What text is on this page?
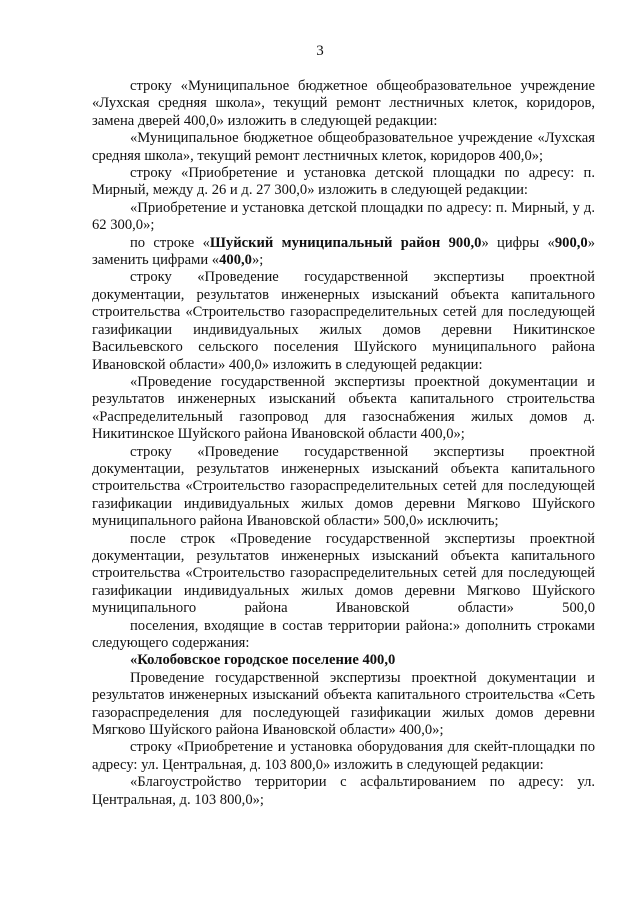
3

строку «Муниципальное бюджетное общеобразовательное учреждение «Лухская средняя школа», текущий ремонт лестничных клеток, коридоров, замена дверей 400,0» изложить в следующей редакции:

«Муниципальное бюджетное общеобразовательное учреждение «Лухская средняя школа», текущий ремонт лестничных клеток, коридоров 400,0»;

строку «Приобретение и установка детской площадки по адресу: п. Мирный, между д. 26 и д. 27 300,0» изложить в следующей редакции:

«Приобретение и установка детской площадки по адресу: п. Мирный, у д. 62 300,0»;

по строке «Шуйский муниципальный район 900,0» цифры «900,0» заменить цифрами «400,0»;

строку «Проведение государственной экспертизы проектной документации, результатов инженерных изысканий объекта капитального строительства «Строительство газораспределительных сетей для последующей газификации индивидуальных жилых домов деревни Никитинское Васильевского сельского поселения Шуйского муниципального района Ивановской области» 400,0» изложить в следующей редакции:

«Проведение государственной экспертизы проектной документации и результатов инженерных изысканий объекта капитального строительства «Распределительный газопровод для газоснабжения жилых домов д. Никитинское Шуйского района Ивановской области 400,0»;

строку «Проведение государственной экспертизы проектной документации, результатов инженерных изысканий объекта капитального строительства «Строительство газораспределительных сетей для последующей газификации индивидуальных жилых домов деревни Мягково Шуйского муниципального района Ивановской области» 500,0» исключить;

после строк «Проведение государственной экспертизы проектной документации, результатов инженерных изысканий объекта капитального строительства «Строительство газораспределительных сетей для последующей газификации индивидуальных жилых домов деревни Мягково Шуйского муниципального района Ивановской области» 500,0

поселения, входящие в состав территории района:» дополнить строками следующего содержания:

«Колобовское городское поселение 400,0

Проведение государственной экспертизы проектной документации и результатов инженерных изысканий объекта капитального строительства «Сеть газораспределения для последующей газификации жилых домов деревни Мягково Шуйского района Ивановской области» 400,0»;

строку «Приобретение и установка оборудования для скейт-площадки по адресу: ул. Центральная, д. 103 800,0» изложить в следующей редакции:

«Благоустройство территории с асфальтированием по адресу: ул. Центральная, д. 103 800,0»;
